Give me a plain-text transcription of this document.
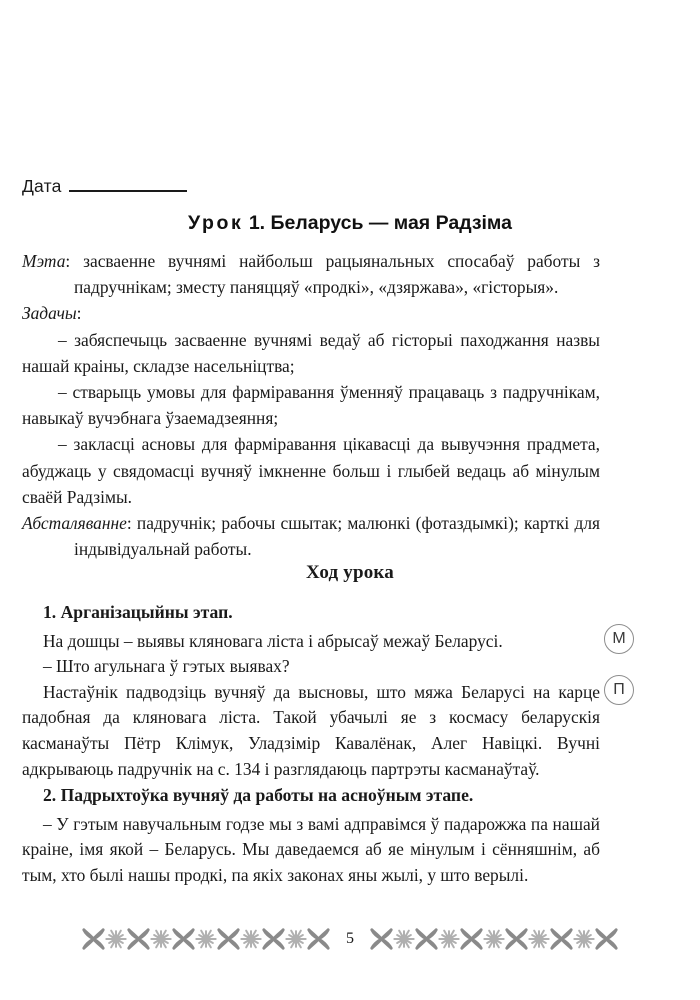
Дата
Урок 1. Беларусь — мая Радзіма

Мэта: засваенне вучнямі найбольш рацыянальных спосабаў работы з падручнікам; зместу паняццяў «продкі», «дзяржава», «гісторыя».

Задачы:

– забяспечыць засваенне вучнямі ведаў аб гісторыі паходжання назвы нашай краіны, складзе насельніцтва;

– стварыць умовы для фарміравання ўменняў працаваць з падручнікам, навыкаў вучэбнага ўзаемадзеяння;

– закласці асновы для фарміравання цікавасці да вывучэння прадмета, абуджаць у свядомасці вучняў імкненне больш і глыбей ведаць аб мінулым сваёй Радзімы.

Абсталяванне: падручнік; рабочы сшытак; малюнкі (фотаздымкі); карткі для індывідуальнай работы.

Ход урока

1. Арганізацыйны этап.

На дошцы – выявы кляновага ліста і абрысаў межаў Беларусі.

– Што агульнага ў гэтых выявах?

Настаўнік падводзіць вучняў да высновы, што мяжа Беларусі на карце падобная да кляновага ліста. Такой убачылі яе з космасу беларускія касманаўты Пётр Клімук, Уладзімір Кавалёнак, Алег Навіцкі. Вучні адкрываюць падручнік на с. 134 і разглядаюць партрэты касманаўтаў.

2. Падрыхтоўка вучняў да работы на асноўным этапе.

– У гэтым навучальным годзе мы з вамі адправімся ў падарожжа па нашай краіне, імя якой – Беларусь. Мы даведаемся аб яе мінулым і сённяшнім, аб тым, хто былі нашы продкі, па якіх законах яны жылі, у што верылі.

М
П
5
